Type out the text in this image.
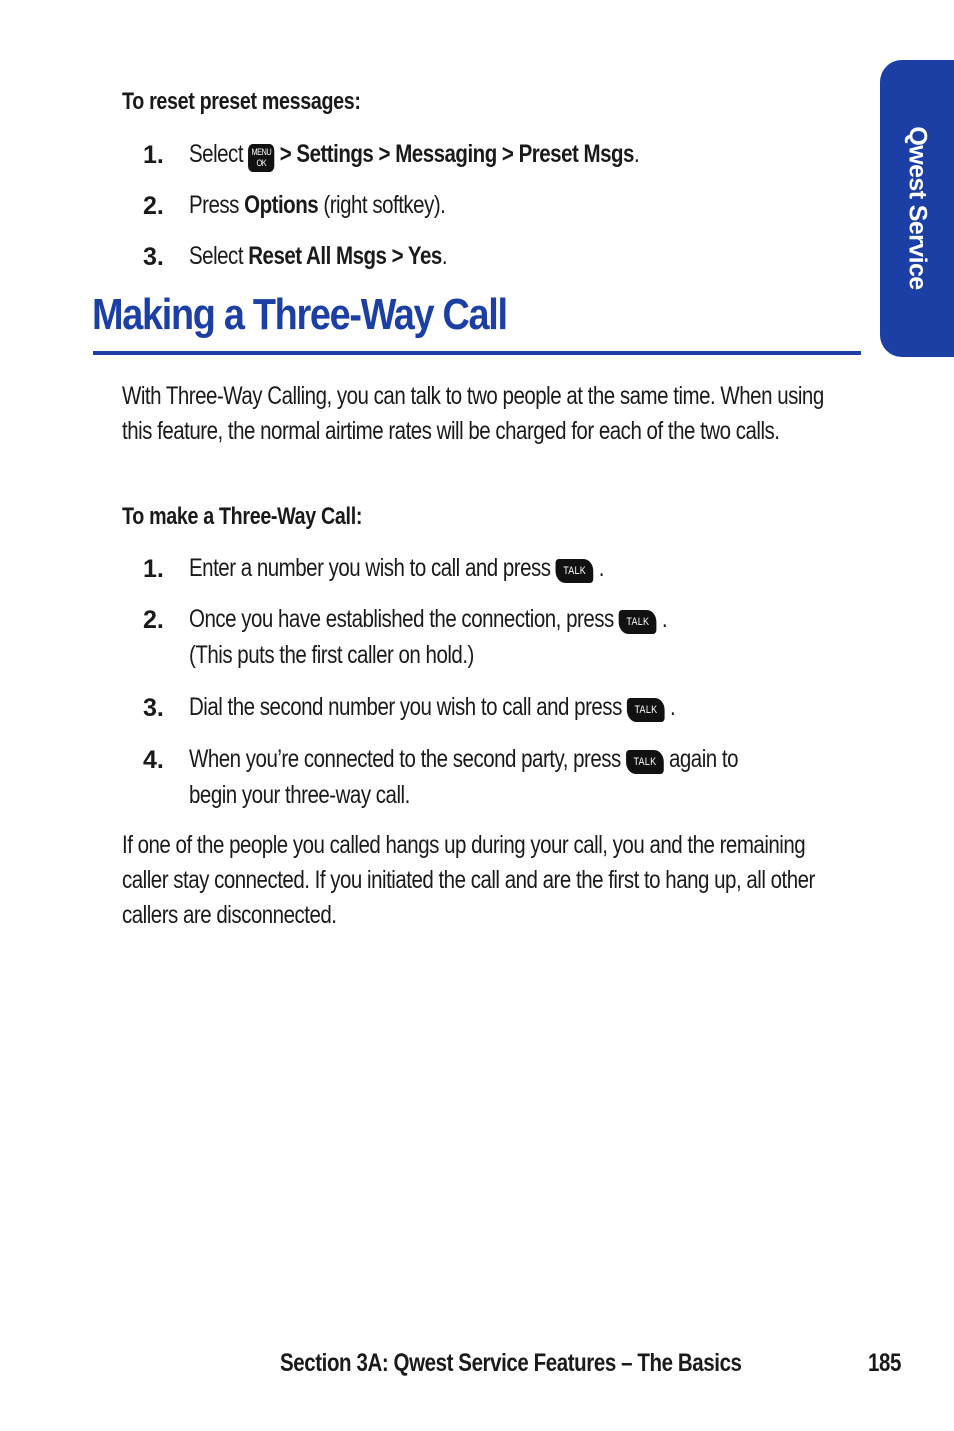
Qwest Service
To reset preset messages:
1. Select MENU
OK > Settings > Messaging > Preset Msgs.
2. Press Options (right softkey).
3. Select Reset All Msgs > Yes.
Making a Three-Way Call
With Three-Way Calling, you can talk to two people at the same time. When using this feature, the normal airtime rates will be charged for each of the two calls.
To make a Three-Way Call:
1. Enter a number you wish to call and press TALK .
2. Once you have established the connection, press TALK .
(This puts the first caller on hold.)
3. Dial the second number you wish to call and press TALK .
4. When you’re connected to the second party, press TALK again to
begin your three-way call.
If one of the people you called hangs up during your call, you and the remaining caller stay connected. If you initiated the call and are the first to hang up, all other callers are disconnected.
Section 3A: Qwest Service Features – The Basics	185
